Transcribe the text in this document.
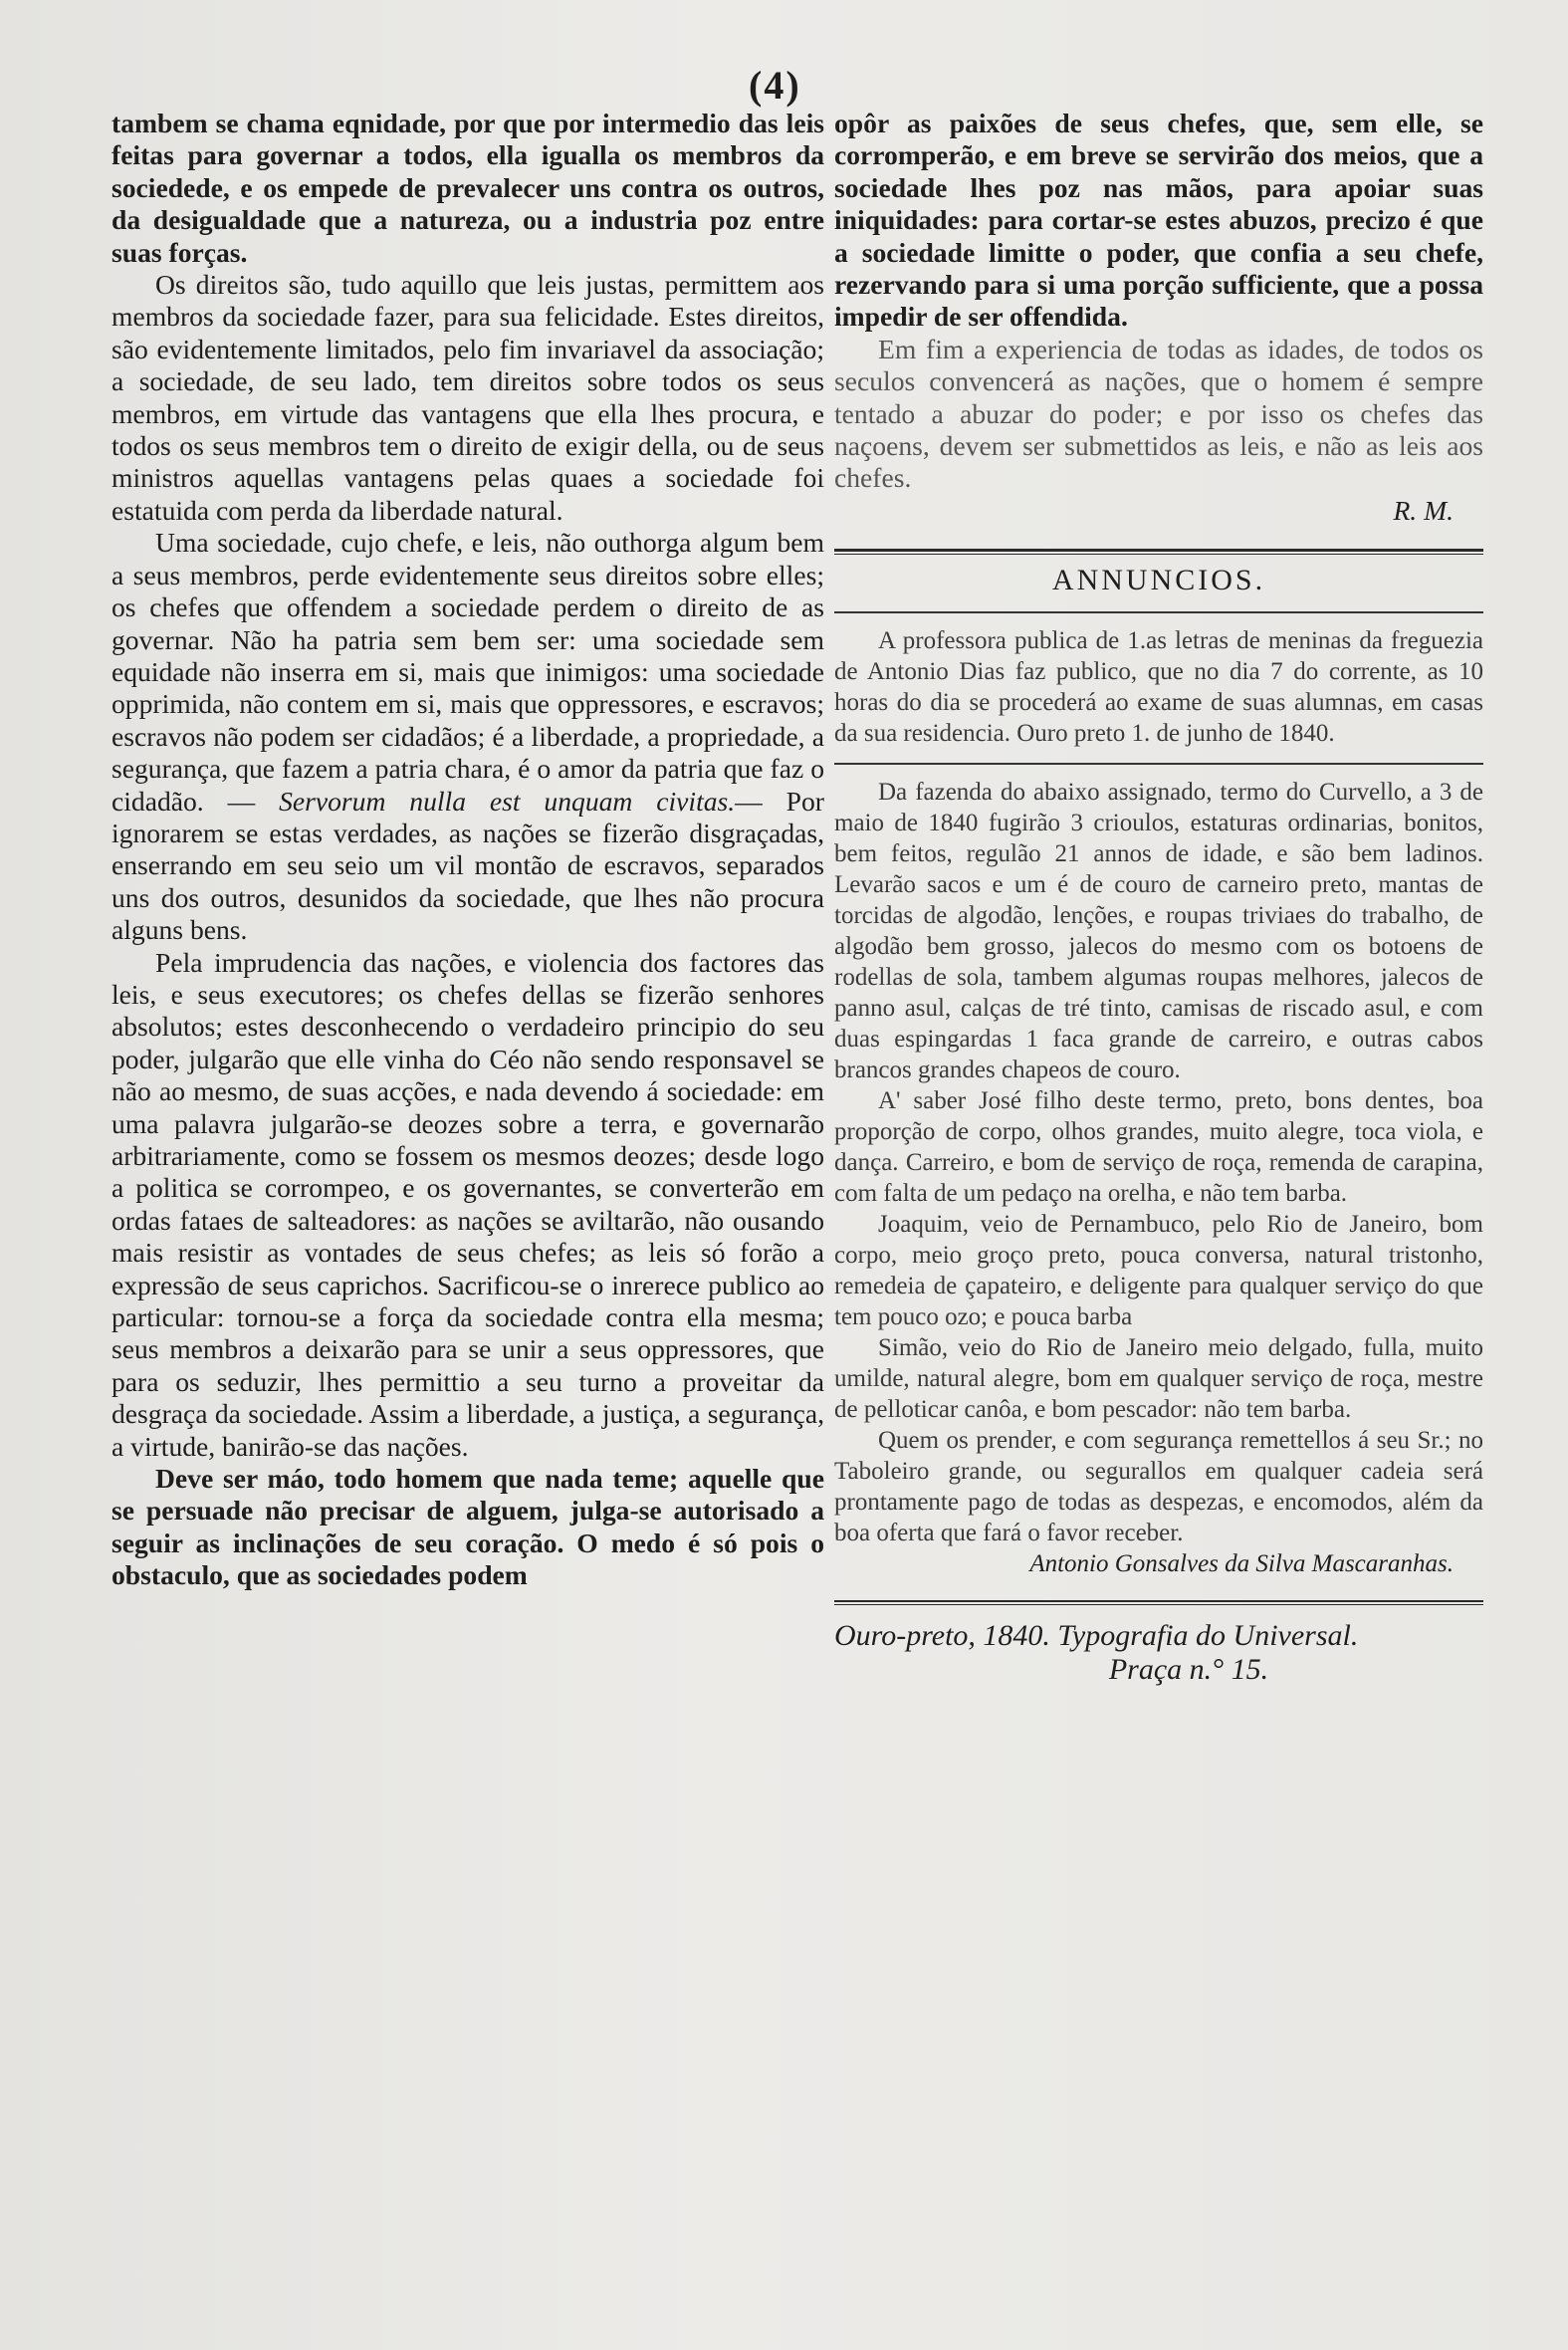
(4)

tambem se chama eqnidade, por que por intermedio das leis feitas para governar a todos, ella igualla os membros da sociedede, e os empede de prevalecer uns contra os outros, da desigualdade que a natureza, ou a industria poz entre suas forças.

Os direitos são, tudo aquillo que leis justas, permittem aos membros da sociedade fazer, para sua felicidade. Estes direitos, são evidentemente limitados, pelo fim invariavel da associação; a sociedade, de seu lado, tem direitos sobre todos os seus membros, em virtude das vantagens que ella lhes procura, e todos os seus membros tem o direito de exigir della, ou de seus ministros aquellas vantagens pelas quaes a sociedade foi estatuida com perda da liberdade natural.

Uma sociedade, cujo chefe, e leis, não outhorga algum bem a seus membros, perde evidentemente seus direitos sobre elles; os chefes que offendem a sociedade perdem o direito de as governar. Não ha patria sem bem ser: uma sociedade sem equidade não inserra em si, mais que inimigos: uma sociedade opprimida, não contem em si, mais que oppressores, e escravos; escravos não podem ser cidadãos; é a liberdade, a propriedade, a segurança, que fazem a patria chara, é o amor da patria que faz o cidadão. — Servorum nulla est unquam civitas.— Por ignorarem se estas verdades, as nações se fizerão disgraçadas, enserrando em seu seio um vil montão de escravos, separados uns dos outros, desunidos da sociedade, que lhes não procura alguns bens.

Pela imprudencia das nações, e violencia dos factores das leis, e seus executores; os chefes dellas se fizerão senhores absolutos; estes desconhecendo o verdadeiro principio do seu poder, julgarão que elle vinha do Céo não sendo responsavel se não ao mesmo, de suas acções, e nada devendo á sociedade: em uma palavra julgarão-se deozes sobre a terra, e governarão arbitrariamente, como se fossem os mesmos deozes; desde logo a politica se corrompeo, e os governantes, se converterão em ordas fataes de salteadores: as nações se aviltarão, não ousando mais resistir as vontades de seus chefes; as leis só forão a expressão de seus caprichos. Sacrificou-se o inrerece publico ao particular: tornou-se a força da sociedade contra ella mesma; seus membros a deixarão para se unir a seus oppressores, que para os seduzir, lhes permittio a seu turno a proveitar da desgraça da sociedade. Assim a liberdade, a justiça, a segurança, a virtude, banirão-se das nações.

Deve ser máo, todo homem que nada teme; aquelle que se persuade não precisar de alguem, julga-se autorisado a seguir as inclinações de seu coração. O medo é só pois o obstaculo, que as sociedades podem

opôr as paixões de seus chefes, que, sem elle, se corromperão, e em breve se servirão dos meios, que a sociedade lhes poz nas mãos, para apoiar suas iniquidades: para cortar-se estes abuzos, precizo é que a sociedade limitte o poder, que confia a seu chefe, rezervando para si uma porção sufficiente, que a possa impedir de ser offendida.

Em fim a experiencia de todas as idades, de todos os seculos convencerá as nações, que o homem é sempre tentado a abuzar do poder; e por isso os chefes das naçoens, devem ser submettidos as leis, e não as leis aos chefes.

R. M.

ANNUNCIOS.

A professora publica de 1.as letras de meninas da freguezia de Antonio Dias faz publico, que no dia 7 do corrente, as 10 horas do dia se procederá ao exame de suas alumnas, em casas da sua residencia. Ouro preto 1. de junho de 1840.

Da fazenda do abaixo assignado, termo do Curvello, a 3 de maio de 1840 fugirão 3 crioulos, estaturas ordinarias, bonitos, bem feitos, regulão 21 annos de idade, e são bem ladinos. Levarão sacos e um é de couro de carneiro preto, mantas de torcidas de algodão, lenções, e roupas triviaes do trabalho, de algodão bem grosso, jalecos do mesmo com os botoens de rodellas de sola, tambem algumas roupas melhores, jalecos de panno asul, calças de tré tinto, camisas de riscado asul, e com duas espingardas 1 faca grande de carreiro, e outras cabos brancos grandes chapeos de couro.

A' saber José filho deste termo, preto, bons dentes, boa proporção de corpo, olhos grandes, muito alegre, toca viola, e dança. Carreiro, e bom de serviço de roça, remenda de carapina, com falta de um pedaço na orelha, e não tem barba.

Joaquim, veio de Pernambuco, pelo Rio de Janeiro, bom corpo, meio groço preto, pouca conversa, natural tristonho, remedeia de çapateiro, e deligente para qualquer serviço do que tem pouco ozo; e pouca barba

Simão, veio do Rio de Janeiro meio delgado, fulla, muito umilde, natural alegre, bom em qualquer serviço de roça, mestre de pelloticar canôa, e bom pescador: não tem barba.

Quem os prender, e com segurança remettellos á seu Sr.; no Taboleiro grande, ou segurallos em qualquer cadeia será prontamente pago de todas as despezas, e encomodos, além da boa oferta que fará o favor receber.

Antonio Gonsalves da Silva Mascaranhas.

Ouro-preto, 1840. Typografia do Universal.
Praça n.° 15.
